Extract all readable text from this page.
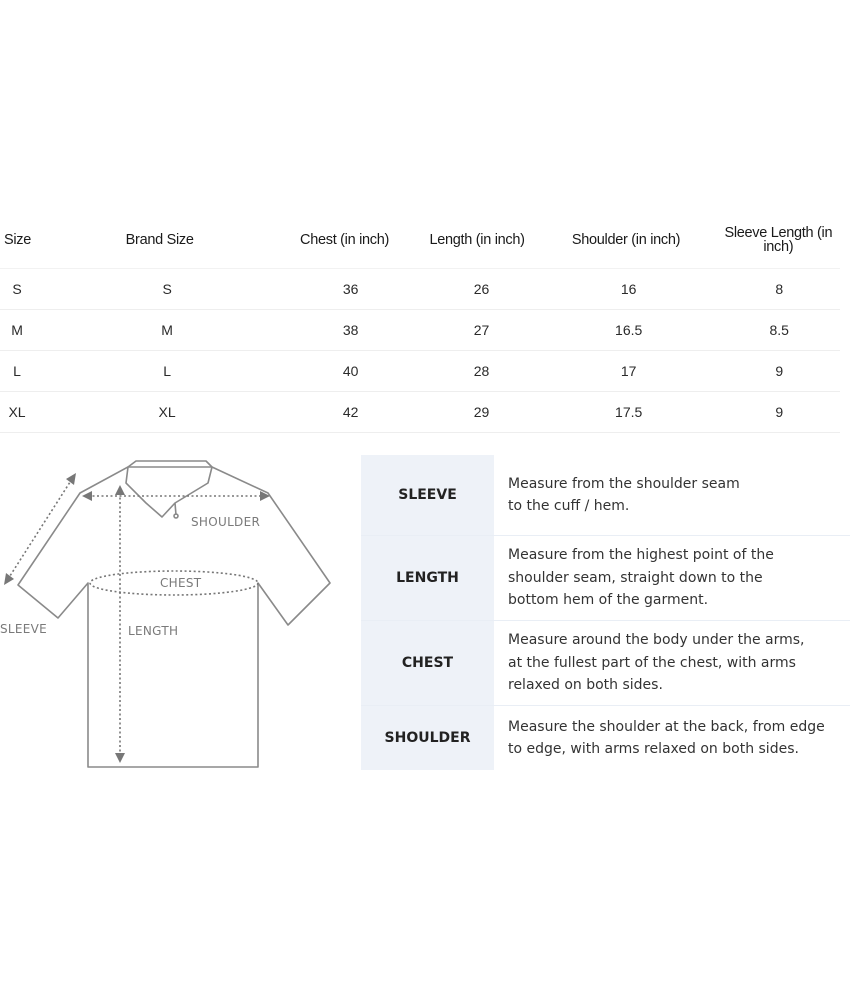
Size	Brand Size	Chest (in inch)	Length (in inch)	Shoulder (in inch)	Sleeve Length (in inch)
S	S	36	26	16	8
M	M	38	27	16.5	8.5
L	L	40	28	17	9
XL	XL	42	29	17.5	9
SHOULDER
CHEST
SLEEVE	LENGTH
SLEEVE
Measure from the shoulder seam
to the cuff / hem.
LENGTH
Measure from the highest point of the
shoulder seam, straight down to the
bottom hem of the garment.
CHEST
Measure around the body under the arms,
at the fullest part of the chest, with arms
relaxed on both sides.
SHOULDER
Measure the shoulder at the back, from edge
to edge, with arms relaxed on both sides.
